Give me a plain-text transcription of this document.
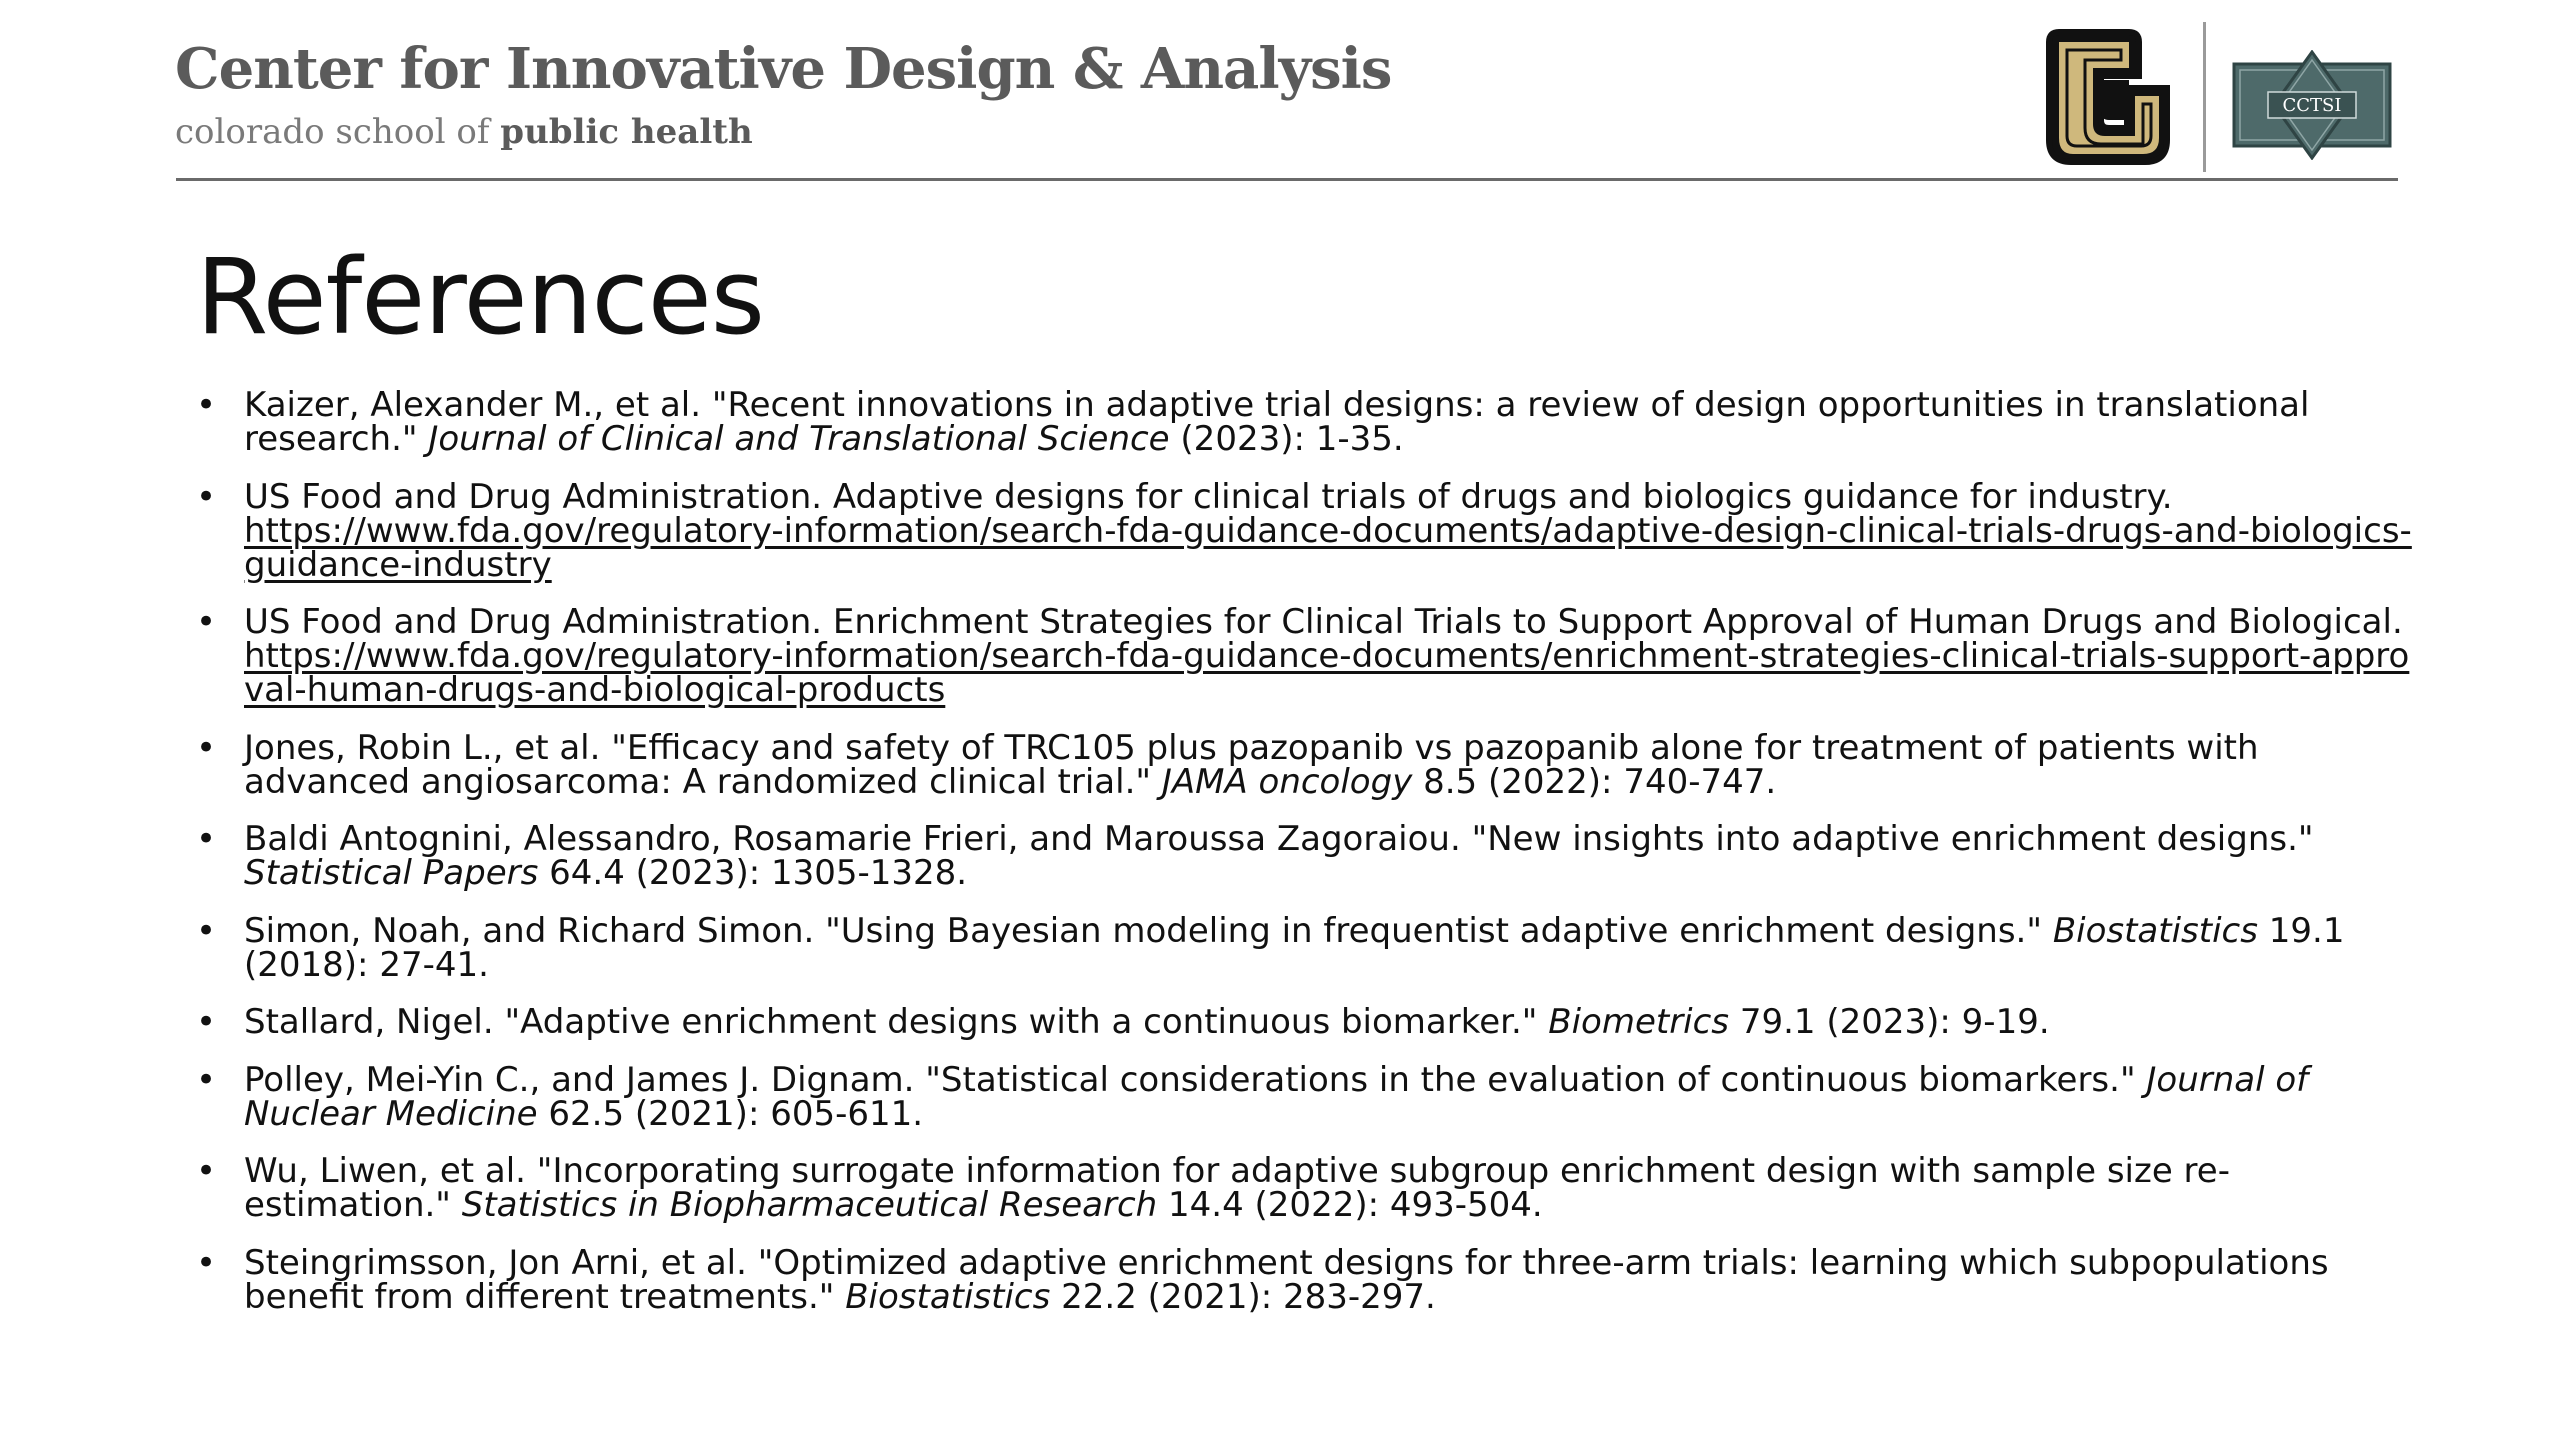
Center for Innovative Design & Analysis
colorado school of public health
CCTSI
References
• Kaizer, Alexander M., et al. "Recent innovations in adaptive trial designs: a review of design opportunities in translational research." Journal of Clinical and Translational Science (2023): 1-35.
• US Food and Drug Administration. Adaptive designs for clinical trials of drugs and biologics guidance for industry.
https://www.fda.gov/regulatory-information/search-fda-guidance-documents/adaptive-design-clinical-trials-drugs-and-biologics-guidance-industry
• US Food and Drug Administration. Enrichment Strategies for Clinical Trials to Support Approval of Human Drugs and Biological.
https://www.fda.gov/regulatory-information/search-fda-guidance-documents/enrichment-strategies-clinical-trials-support-approval-human-drugs-and-biological-products
• Jones, Robin L., et al. "Efficacy and safety of TRC105 plus pazopanib vs pazopanib alone for treatment of patients with advanced angiosarcoma: A randomized clinical trial." JAMA oncology 8.5 (2022): 740-747.
• Baldi Antognini, Alessandro, Rosamarie Frieri, and Maroussa Zagoraiou. "New insights into adaptive enrichment designs." Statistical Papers 64.4 (2023): 1305-1328.
• Simon, Noah, and Richard Simon. "Using Bayesian modeling in frequentist adaptive enrichment designs." Biostatistics 19.1 (2018): 27-41.
• Stallard, Nigel. "Adaptive enrichment designs with a continuous biomarker." Biometrics 79.1 (2023): 9-19.
• Polley, Mei-Yin C., and James J. Dignam. "Statistical considerations in the evaluation of continuous biomarkers." Journal of Nuclear Medicine 62.5 (2021): 605-611.
• Wu, Liwen, et al. "Incorporating surrogate information for adaptive subgroup enrichment design with sample size re-estimation." Statistics in Biopharmaceutical Research 14.4 (2022): 493-504.
• Steingrimsson, Jon Arni, et al. "Optimized adaptive enrichment designs for three-arm trials: learning which subpopulations benefit from different treatments." Biostatistics 22.2 (2021): 283-297.
